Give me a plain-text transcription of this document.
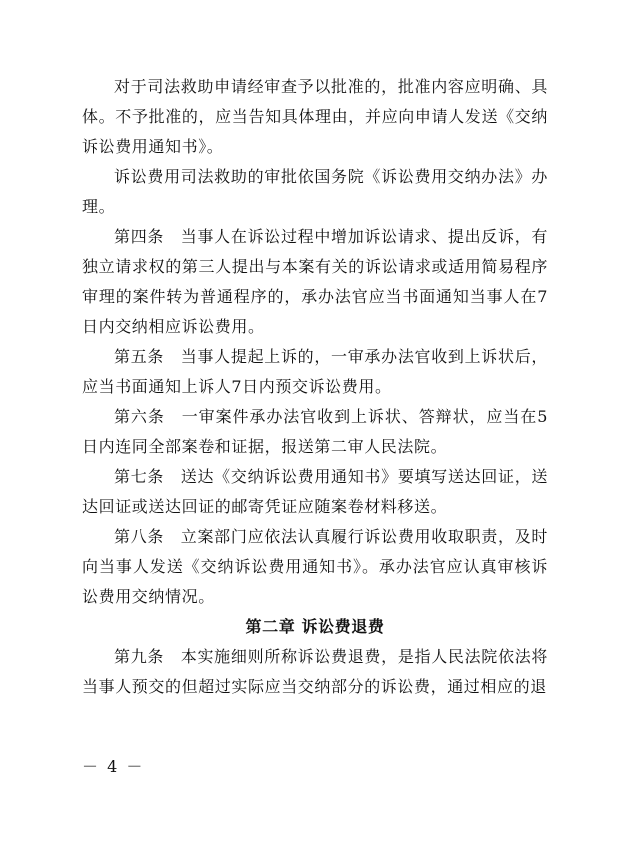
对于司法救助申请经审查予以批准的，批准内容应明确、具体。不予批准的，应当告知具体理由，并应向申请人发送《交纳诉讼费用通知书》。

诉讼费用司法救助的审批依国务院《诉讼费用交纳办法》办理。

第四条　当事人在诉讼过程中增加诉讼请求、提出反诉，有独立请求权的第三人提出与本案有关的诉讼请求或适用简易程序审理的案件转为普通程序的，承办法官应当书面通知当事人在7日内交纳相应诉讼费用。

第五条　当事人提起上诉的，一审承办法官收到上诉状后，应当书面通知上诉人7日内预交诉讼费用。

第六条　一审案件承办法官收到上诉状、答辩状，应当在5日内连同全部案卷和证据，报送第二审人民法院。

第七条　送达《交纳诉讼费用通知书》要填写送达回证，送达回证或送达回证的邮寄凭证应随案卷材料移送。

第八条　立案部门应依法认真履行诉讼费用收取职责，及时向当事人发送《交纳诉讼费用通知书》。承办法官应认真审核诉讼费用交纳情况。

第二章 诉讼费退费

第九条　本实施细则所称诉讼费退费，是指人民法院依法将当事人预交的但超过实际应当交纳部分的诉讼费，通过相应的退

－ 4 －
